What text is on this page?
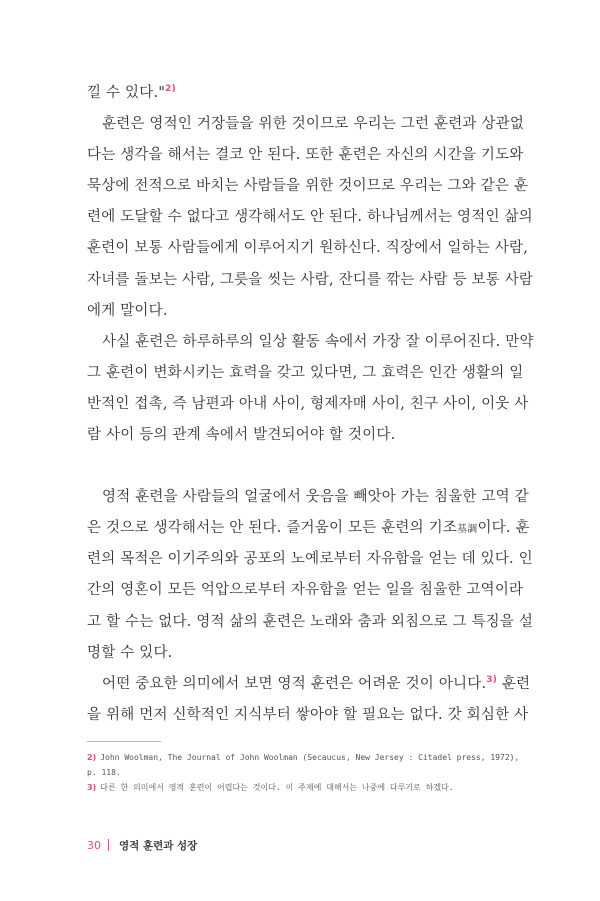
낄 수 있다."$^{2)}$
훈련은 영적인 거장들을 위한 것이므로 우리는 그런 훈련과 상관없
다는 생각을 해서는 결코 안 된다. 또한 훈련은 자신의 시간을 기도와
묵상에 전적으로 바치는 사람들을 위한 것이므로 우리는 그와 같은 훈
련에 도달할 수 없다고 생각해서도 안 된다. 하나님께서는 영적인 삶의
훈련이 보통 사람들에게 이루어지기 원하신다. 직장에서 일하는 사람,
자녀를 돌보는 사람, 그릇을 씻는 사람, 잔디를 깎는 사람 등 보통 사람
에게 말이다.
사실 훈련은 하루하루의 일상 활동 속에서 가장 잘 이루어진다. 만약
그 훈련이 변화시키는 효력을 갖고 있다면, 그 효력은 인간 생활의 일
반적인 접촉, 즉 남편과 아내 사이, 형제자매 사이, 친구 사이, 이웃 사
람 사이 등의 관계 속에서 발견되어야 할 것이다.
영적 훈련을 사람들의 얼굴에서 웃음을 빼앗아 가는 침울한 고역 같
은 것으로 생각해서는 안 된다. 즐거움이 모든 훈련의 기조基調이다. 훈
련의 목적은 이기주의와 공포의 노예로부터 자유함을 얻는 데 있다. 인
간의 영혼이 모든 억압으로부터 자유함을 얻는 일을 침울한 고역이라
고 할 수는 없다. 영적 삶의 훈련은 노래와 춤과 외침으로 그 특징을 설
명할 수 있다.
어떤 중요한 의미에서 보면 영적 훈련은 어려운 것이 아니다.$^{3)}$ 훈련
을 위해 먼저 신학적인 지식부터 쌓아야 할 필요는 없다. 갓 회심한 사
2) John Woolman, The Journal of John Woolman (Secaucus, New Jersey : Citadel press, 1972), p. 118.
3) 다른 한 의미에서 영적 훈련이 어렵다는 것이다. 이 주제에 대해서는 나중에 다루기로 하겠다.
30 영적 훈련과 성장
